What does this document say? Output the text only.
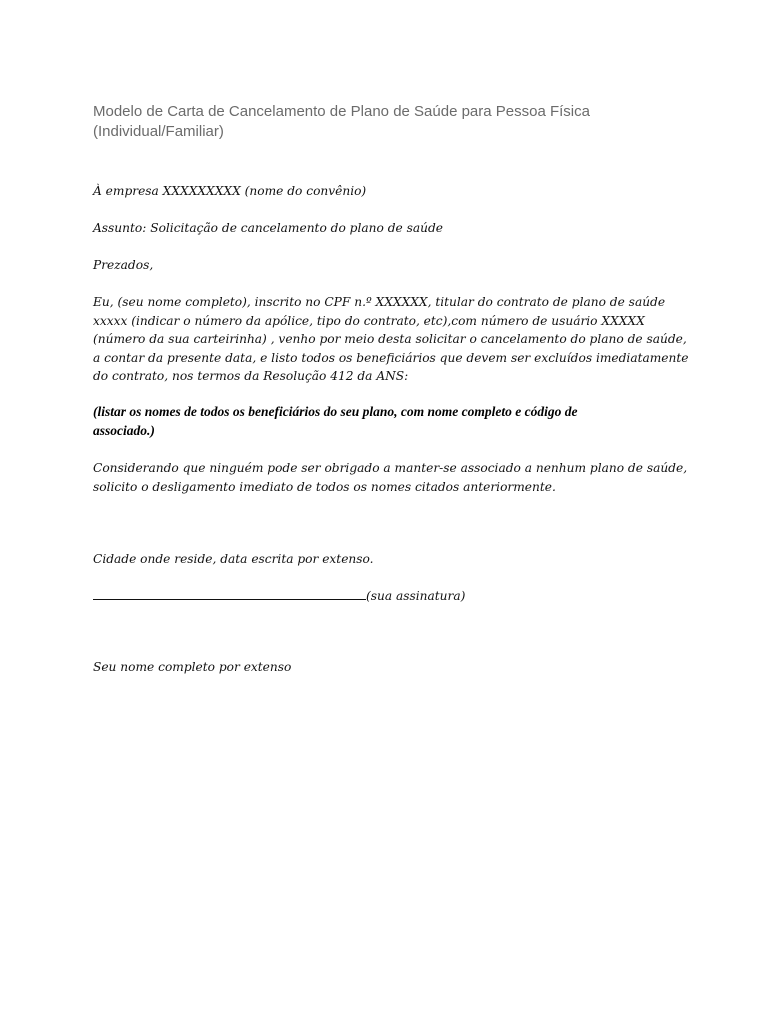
Modelo de Carta de Cancelamento de Plano de Saúde para Pessoa Física
(Individual/Familiar)
À empresa XXXXXXXXX (nome do convênio)
Assunto: Solicitação de cancelamento do plano de saúde
Prezados,
Eu, (seu nome completo), inscrito no CPF n.º XXXXXX, titular do contrato de plano de saúde
xxxxx (indicar o número da apólice, tipo do contrato, etc),com número de usuário XXXXX
(número da sua carteirinha) , venho por meio desta solicitar o cancelamento do plano de saúde,
a contar da presente data, e listo todos os beneficiários que devem ser excluídos imediatamente
do contrato, nos termos da Resolução 412 da ANS:
(listar os nomes de todos os beneficiários do seu plano, com nome completo e código de
associado.)
Considerando que ninguém pode ser obrigado a manter-se associado a nenhum plano de saúde,
solicito o desligamento imediato de todos os nomes citados anteriormente.
Cidade onde reside, data escrita por extenso.
(sua assinatura)
Seu nome completo por extenso
